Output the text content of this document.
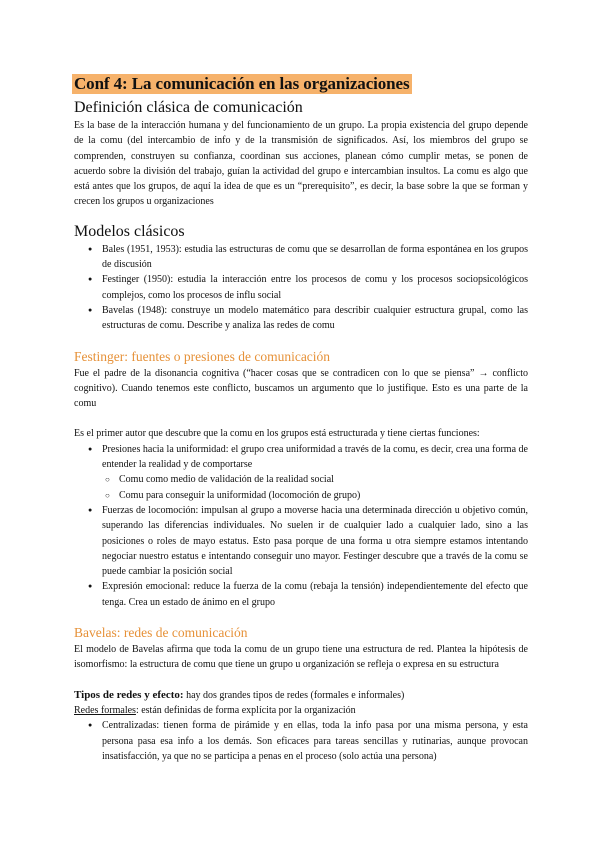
Conf 4: La comunicación en las organizaciones
Definición clásica de comunicación

Es la base de la interacción humana y del funcionamiento de un grupo. La propia existencia del grupo depende de la comu (del intercambio de info y de la transmisión de significados. Así, los miembros del grupo se comprenden, construyen su confianza, coordinan sus acciones, planean cómo cumplir metas, se ponen de acuerdo sobre la división del trabajo, guían la actividad del grupo e intercambian insultos. La comu es algo que está antes que los grupos, de aquí la idea de que es un “prerequisito”, es decir, la base sobre la que se forman y crecen los grupos u organizaciones

Modelos clásicos
● Bales (1951, 1953): estudia las estructuras de comu que se desarrollan de forma espontánea en los grupos de discusión
● Festinger (1950): estudia la interacción entre los procesos de comu y los procesos sociopsicológicos complejos, como los procesos de influ social
● Bavelas (1948): construye un modelo matemático para describir cualquier estructura grupal, como las estructuras de comu. Describe y analiza las redes de comu
Festinger: fuentes o presiones de comunicación

Fue el padre de la disonancia cognitiva (“hacer cosas que se contradicen con lo que se piensa” → conflicto cognitivo). Cuando tenemos este conflicto, buscamos un argumento que lo justifique. Esto es una parte de la comu

Es el primer autor que descubre que la comu en los grupos está estructurada y tiene ciertas funciones:

● Presiones hacia la uniformidad: el grupo crea uniformidad a través de la comu, es decir, crea una forma de entender la realidad y de comportarse
○ Comu como medio de validación de la realidad social
○ Comu para conseguir la uniformidad (locomoción de grupo)
● Fuerzas de locomoción: impulsan al grupo a moverse hacia una determinada dirección u objetivo común, superando las diferencias individuales. No suelen ir de cualquier lado a cualquier lado, sino a las posiciones o roles de mayo estatus. Esto pasa porque de una forma u otra siempre estamos intentando negociar nuestro estatus e intentando conseguir uno mayor. Festinger descubre que a través de la comu se puede cambiar la posición social
● Expresión emocional: reduce la fuerza de la comu (rebaja la tensión) independientemente del efecto que tenga. Crea un estado de ánimo en el grupo
Bavelas: redes de comunicación

El modelo de Bavelas afirma que toda la comu de un grupo tiene una estructura de red. Plantea la hipótesis de isomorfismo: la estructura de comu que tiene un grupo u organización se refleja o expresa en su estructura

Tipos de redes y efecto: hay dos grandes tipos de redes (formales e informales)

Redes formales: están definidas de forma explícita por la organización

● Centralizadas: tienen forma de pirámide y en ellas, toda la info pasa por una misma persona, y esta persona pasa esa info a los demás. Son eficaces para tareas sencillas y rutinarias, aunque provocan insatisfacción, ya que no se participa a penas en el proceso (solo actúa una persona)
